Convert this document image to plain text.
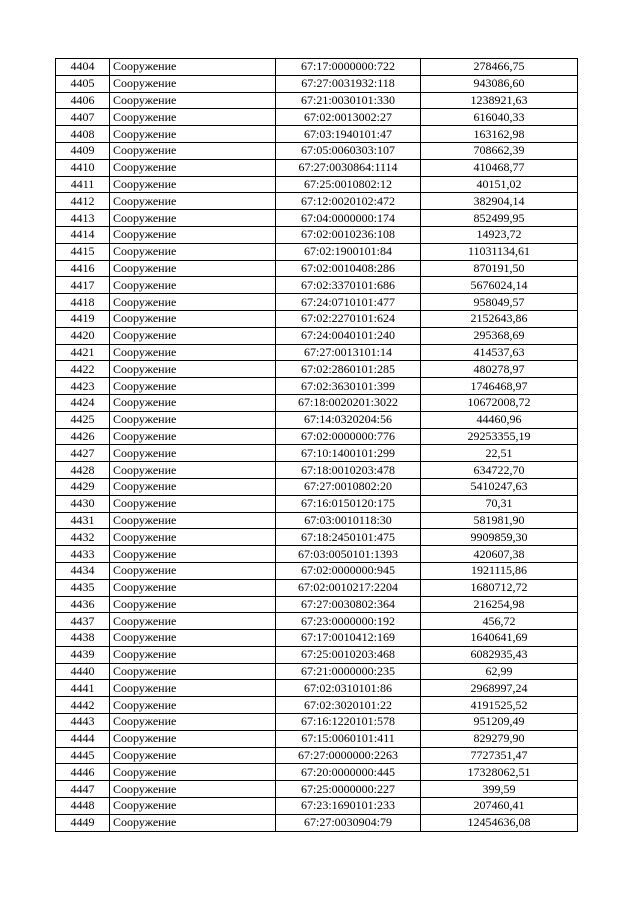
4404	Сооружение	67:17:0000000:722	278466,75
4405	Сооружение	67:27:0031932:118	943086,60
4406	Сооружение	67:21:0030101:330	1238921,63
4407	Сооружение	67:02:0013002:27	616040,33
4408	Сооружение	67:03:1940101:47	163162,98
4409	Сооружение	67:05:0060303:107	708662,39
4410	Сооружение	67:27:0030864:1114	410468,77
4411	Сооружение	67:25:0010802:12	40151,02
4412	Сооружение	67:12:0020102:472	382904,14
4413	Сооружение	67:04:0000000:174	852499,95
4414	Сооружение	67:02:0010236:108	14923,72
4415	Сооружение	67:02:1900101:84	11031134,61
4416	Сооружение	67:02:0010408:286	870191,50
4417	Сооружение	67:02:3370101:686	5676024,14
4418	Сооружение	67:24:0710101:477	958049,57
4419	Сооружение	67:02:2270101:624	2152643,86
4420	Сооружение	67:24:0040101:240	295368,69
4421	Сооружение	67:27:0013101:14	414537,63
4422	Сооружение	67:02:2860101:285	480278,97
4423	Сооружение	67:02:3630101:399	1746468,97
4424	Сооружение	67:18:0020201:3022	10672008,72
4425	Сооружение	67:14:0320204:56	44460,96
4426	Сооружение	67:02:0000000:776	29253355,19
4427	Сооружение	67:10:1400101:299	22,51
4428	Сооружение	67:18:0010203:478	634722,70
4429	Сооружение	67:27:0010802:20	5410247,63
4430	Сооружение	67:16:0150120:175	70,31
4431	Сооружение	67:03:0010118:30	581981,90
4432	Сооружение	67:18:2450101:475	9909859,30
4433	Сооружение	67:03:0050101:1393	420607,38
4434	Сооружение	67:02:0000000:945	1921115,86
4435	Сооружение	67:02:0010217:2204	1680712,72
4436	Сооружение	67:27:0030802:364	216254,98
4437	Сооружение	67:23:0000000:192	456,72
4438	Сооружение	67:17:0010412:169	1640641,69
4439	Сооружение	67:25:0010203:468	6082935,43
4440	Сооружение	67:21:0000000:235	62,99
4441	Сооружение	67:02:0310101:86	2968997,24
4442	Сооружение	67:02:3020101:22	4191525,52
4443	Сооружение	67:16:1220101:578	951209,49
4444	Сооружение	67:15:0060101:411	829279,90
4445	Сооружение	67:27:0000000:2263	7727351,47
4446	Сооружение	67:20:0000000:445	17328062,51
4447	Сооружение	67:25:0000000:227	399,59
4448	Сооружение	67:23:1690101:233	207460,41
4449	Сооружение	67:27:0030904:79	12454636,08
